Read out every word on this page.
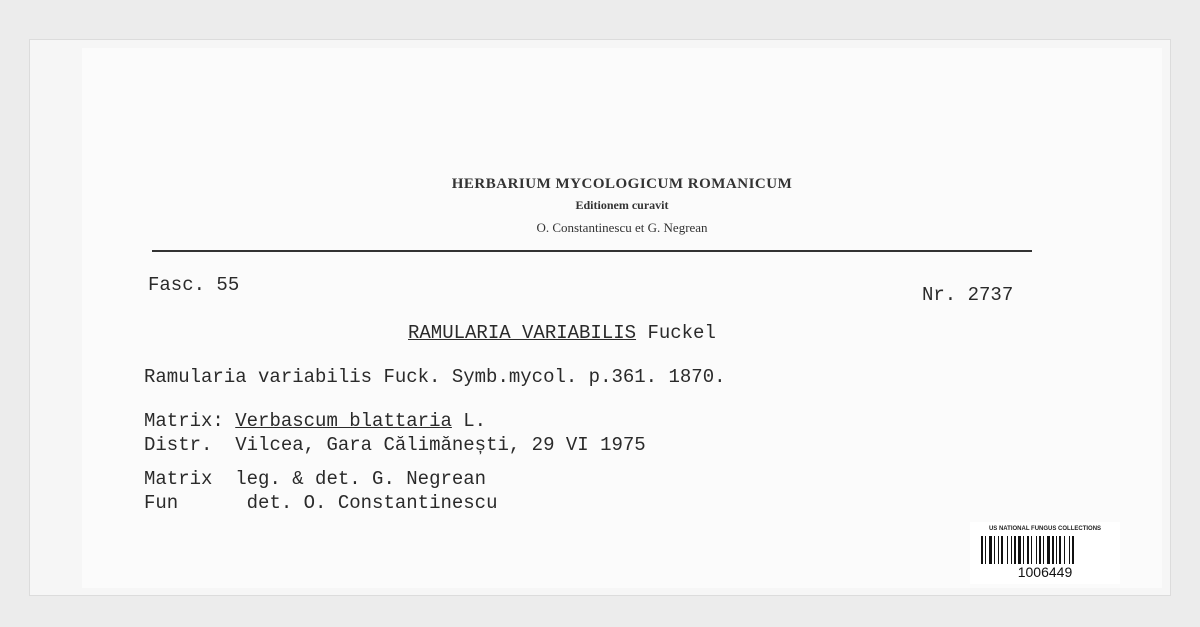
HERBARIUM MYCOLOGICUM ROMANICUM
Editionem curavit
O. Constantinescu et G. Negrean
Fasc. 55	Nr. 2737
RAMULARIA VARIABILIS Fuckel
Ramularia variabilis Fuck. Symb.mycol. p.361. 1870.
Matrix: Verbascum blattaria L.
Distr. Vilcea, Gara Călimănești, 29 VI 1975
Matrix leg. & det. G. Negrean
Fun	det. O. Constantinescu
US NATIONAL FUNGUS COLLECTIONS
1006449
